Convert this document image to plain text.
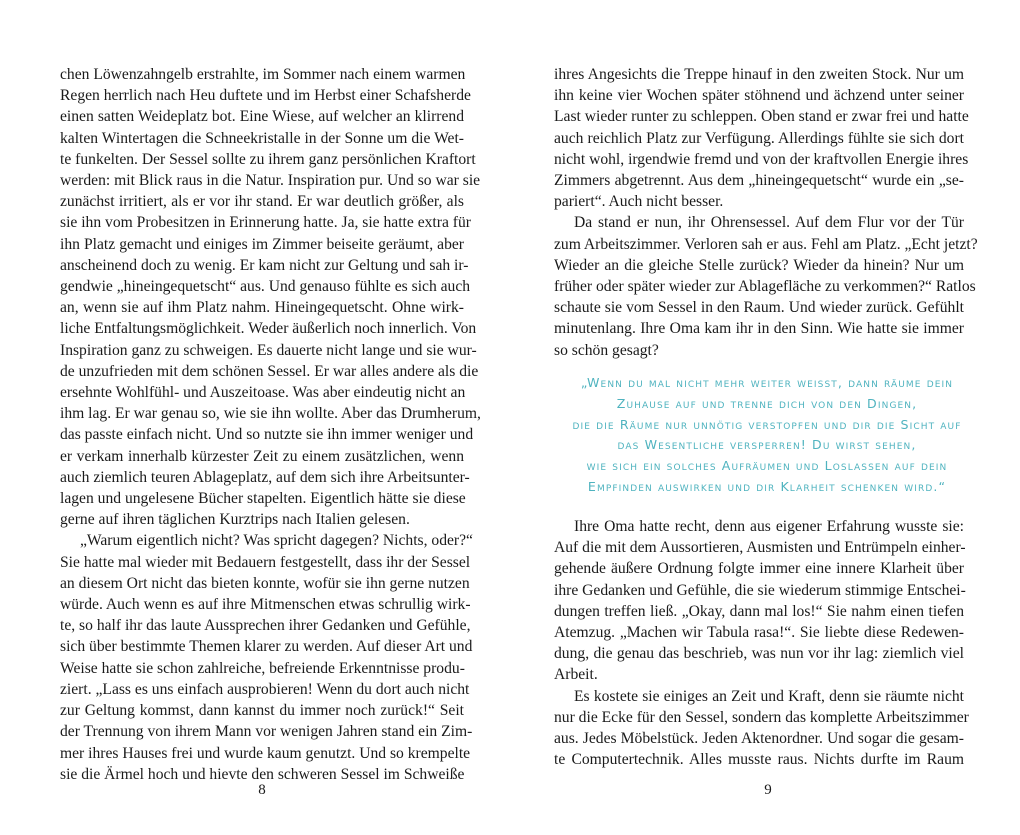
chen Löwenzahngelb erstrahlte, im Sommer nach einem warmen
Regen herrlich nach Heu duftete und im Herbst einer Schafsherde
einen satten Weideplatz bot. Eine Wiese, auf welcher an klirrend
kalten Wintertagen die Schneekristalle in der Sonne um die Wet-
te funkelten. Der Sessel sollte zu ihrem ganz persönlichen Kraftort
werden: mit Blick raus in die Natur. Inspiration pur. Und so war sie
zunächst irritiert, als er vor ihr stand. Er war deutlich größer, als
sie ihn vom Probesitzen in Erinnerung hatte. Ja, sie hatte extra für
ihn Platz gemacht und einiges im Zimmer beiseite geräumt, aber
anscheinend doch zu wenig. Er kam nicht zur Geltung und sah ir-
gendwie „hineingequetscht“ aus. Und genauso fühlte es sich auch
an, wenn sie auf ihm Platz nahm. Hineingequetscht. Ohne wirk-
liche Entfaltungsmöglichkeit. Weder äußerlich noch innerlich. Von
Inspiration ganz zu schweigen. Es dauerte nicht lange und sie wur-
de unzufrieden mit dem schönen Sessel. Er war alles andere als die
ersehnte Wohlfühl- und Auszeitoase. Was aber eindeutig nicht an
ihm lag. Er war genau so, wie sie ihn wollte. Aber das Drumherum,
das passte einfach nicht. Und so nutzte sie ihn immer weniger und
er verkam innerhalb kürzester Zeit zu einem zusätzlichen, wenn
auch ziemlich teuren Ablageplatz, auf dem sich ihre Arbeitsunter-
lagen und ungelesene Bücher stapelten. Eigentlich hätte sie diese
gerne auf ihren täglichen Kurztrips nach Italien gelesen.
„Warum eigentlich nicht? Was spricht dagegen? Nichts, oder?“
Sie hatte mal wieder mit Bedauern festgestellt, dass ihr der Sessel
an diesem Ort nicht das bieten konnte, wofür sie ihn gerne nutzen
würde. Auch wenn es auf ihre Mitmenschen etwas schrullig wirk-
te, so half ihr das laute Aussprechen ihrer Gedanken und Gefühle,
sich über bestimmte Themen klarer zu werden. Auf dieser Art und
Weise hatte sie schon zahlreiche, befreiende Erkenntnisse produ-
ziert. „Lass es uns einfach ausprobieren! Wenn du dort auch nicht
zur Geltung kommst, dann kannst du immer noch zurück!“ Seit
der Trennung von ihrem Mann vor wenigen Jahren stand ein Zim-
mer ihres Hauses frei und wurde kaum genutzt. Und so krempelte
sie die Ärmel hoch und hievte den schweren Sessel im Schweiße
8
ihres Angesichts die Treppe hinauf in den zweiten Stock. Nur um
ihn keine vier Wochen später stöhnend und ächzend unter seiner
Last wieder runter zu schleppen. Oben stand er zwar frei und hatte
auch reichlich Platz zur Verfügung. Allerdings fühlte sie sich dort
nicht wohl, irgendwie fremd und von der kraftvollen Energie ihres
Zimmers abgetrennt. Aus dem „hineingequetscht“ wurde ein „se-
pariert“. Auch nicht besser.
Da stand er nun, ihr Ohrensessel. Auf dem Flur vor der Tür
zum Arbeitszimmer. Verloren sah er aus. Fehl am Platz. „Echt jetzt?
Wieder an die gleiche Stelle zurück? Wieder da hinein? Nur um
früher oder später wieder zur Ablagefläche zu verkommen?“ Ratlos
schaute sie vom Sessel in den Raum. Und wieder zurück. Gefühlt
minutenlang. Ihre Oma kam ihr in den Sinn. Wie hatte sie immer
so schön gesagt?
„Wenn du mal nicht mehr weiter weisst, dann räume dein
Zuhause auf und trenne dich von den Dingen,
die die Räume nur unnötig verstopfen und dir die Sicht auf
das Wesentliche versperren! Du wirst sehen,
wie sich ein solches Aufräumen und Loslassen auf dein
Empfinden auswirken und dir Klarheit schenken wird.“
Ihre Oma hatte recht, denn aus eigener Erfahrung wusste sie:
Auf die mit dem Aussortieren, Ausmisten und Entrümpeln einher-
gehende äußere Ordnung folgte immer eine innere Klarheit über
ihre Gedanken und Gefühle, die sie wiederum stimmige Entschei-
dungen treffen ließ. „Okay, dann mal los!“ Sie nahm einen tiefen
Atemzug. „Machen wir Tabula rasa!“. Sie liebte diese Redewen-
dung, die genau das beschrieb, was nun vor ihr lag: ziemlich viel
Arbeit.
Es kostete sie einiges an Zeit und Kraft, denn sie räumte nicht
nur die Ecke für den Sessel, sondern das komplette Arbeitszimmer
aus. Jedes Möbelstück. Jeden Aktenordner. Und sogar die gesam-
te Computertechnik. Alles musste raus. Nichts durfte im Raum
9
